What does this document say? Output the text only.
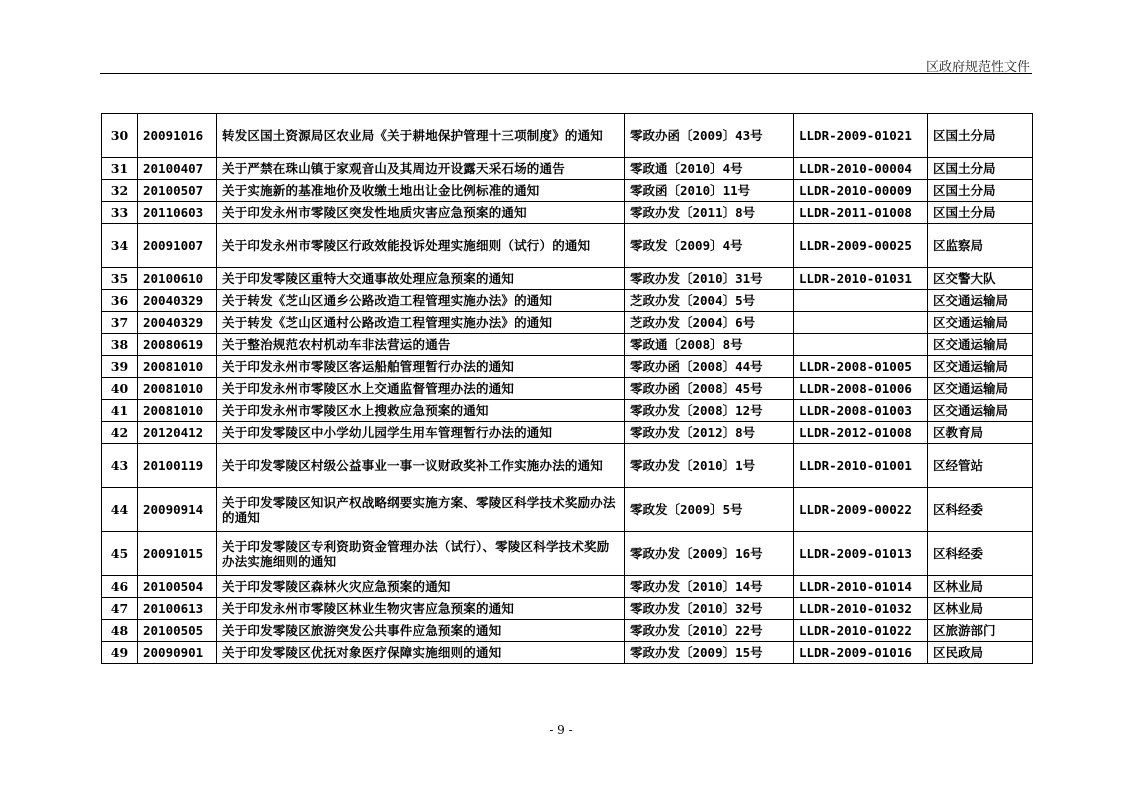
区政府规范性文件
30	20091016	转发区国土资源局区农业局《关于耕地保护管理十三项制度》的通知	零政办函〔2009〕43号	LLDR-2009-01021	区国土分局
31	20100407	关于严禁在珠山镇于家观音山及其周边开设露天采石场的通告	零政通〔2010〕4号	LLDR-2010-00004	区国土分局
32	20100507	关于实施新的基准地价及收缴土地出让金比例标准的通知	零政函〔2010〕11号	LLDR-2010-00009	区国土分局
33	20110603	关于印发永州市零陵区突发性地质灾害应急预案的通知	零政办发〔2011〕8号	LLDR-2011-01008	区国土分局
34	20091007	关于印发永州市零陵区行政效能投诉处理实施细则（试行）的通知	零政发〔2009〕4号	LLDR-2009-00025	区监察局
35	20100610	关于印发零陵区重特大交通事故处理应急预案的通知	零政办发〔2010〕31号	LLDR-2010-01031	区交警大队
36	20040329	关于转发《芝山区通乡公路改造工程管理实施办法》的通知	芝政办发〔2004〕5号		区交通运输局
37	20040329	关于转发《芝山区通村公路改造工程管理实施办法》的通知	芝政办发〔2004〕6号		区交通运输局
38	20080619	关于整治规范农村机动车非法营运的通告	零政通〔2008〕8号		区交通运输局
39	20081010	关于印发永州市零陵区客运船舶管理暂行办法的通知	零政办函〔2008〕44号	LLDR-2008-01005	区交通运输局
40	20081010	关于印发永州市零陵区水上交通监督管理办法的通知	零政办函〔2008〕45号	LLDR-2008-01006	区交通运输局
41	20081010	关于印发永州市零陵区水上搜救应急预案的通知	零政办发〔2008〕12号	LLDR-2008-01003	区交通运输局
42	20120412	关于印发零陵区中小学幼儿园学生用车管理暂行办法的通知	零政办发〔2012〕8号	LLDR-2012-01008	区教育局
43	20100119	关于印发零陵区村级公益事业一事一议财政奖补工作实施办法的通知	零政办发〔2010〕1号	LLDR-2010-01001	区经管站
44	20090914	关于印发零陵区知识产权战略纲要实施方案、零陵区科学技术奖励办法的通知	零政发〔2009〕5号	LLDR-2009-00022	区科经委
45	20091015	关于印发零陵区专利资助资金管理办法（试行）、零陵区科学技术奖励办法实施细则的通知	零政办发〔2009〕16号	LLDR-2009-01013	区科经委
46	20100504	关于印发零陵区森林火灾应急预案的通知	零政办发〔2010〕14号	LLDR-2010-01014	区林业局
47	20100613	关于印发永州市零陵区林业生物灾害应急预案的通知	零政办发〔2010〕32号	LLDR-2010-01032	区林业局
48	20100505	关于印发零陵区旅游突发公共事件应急预案的通知	零政办发〔2010〕22号	LLDR-2010-01022	区旅游部门
49	20090901	关于印发零陵区优抚对象医疗保障实施细则的通知	零政办发〔2009〕15号	LLDR-2009-01016	区民政局
- 9 -
